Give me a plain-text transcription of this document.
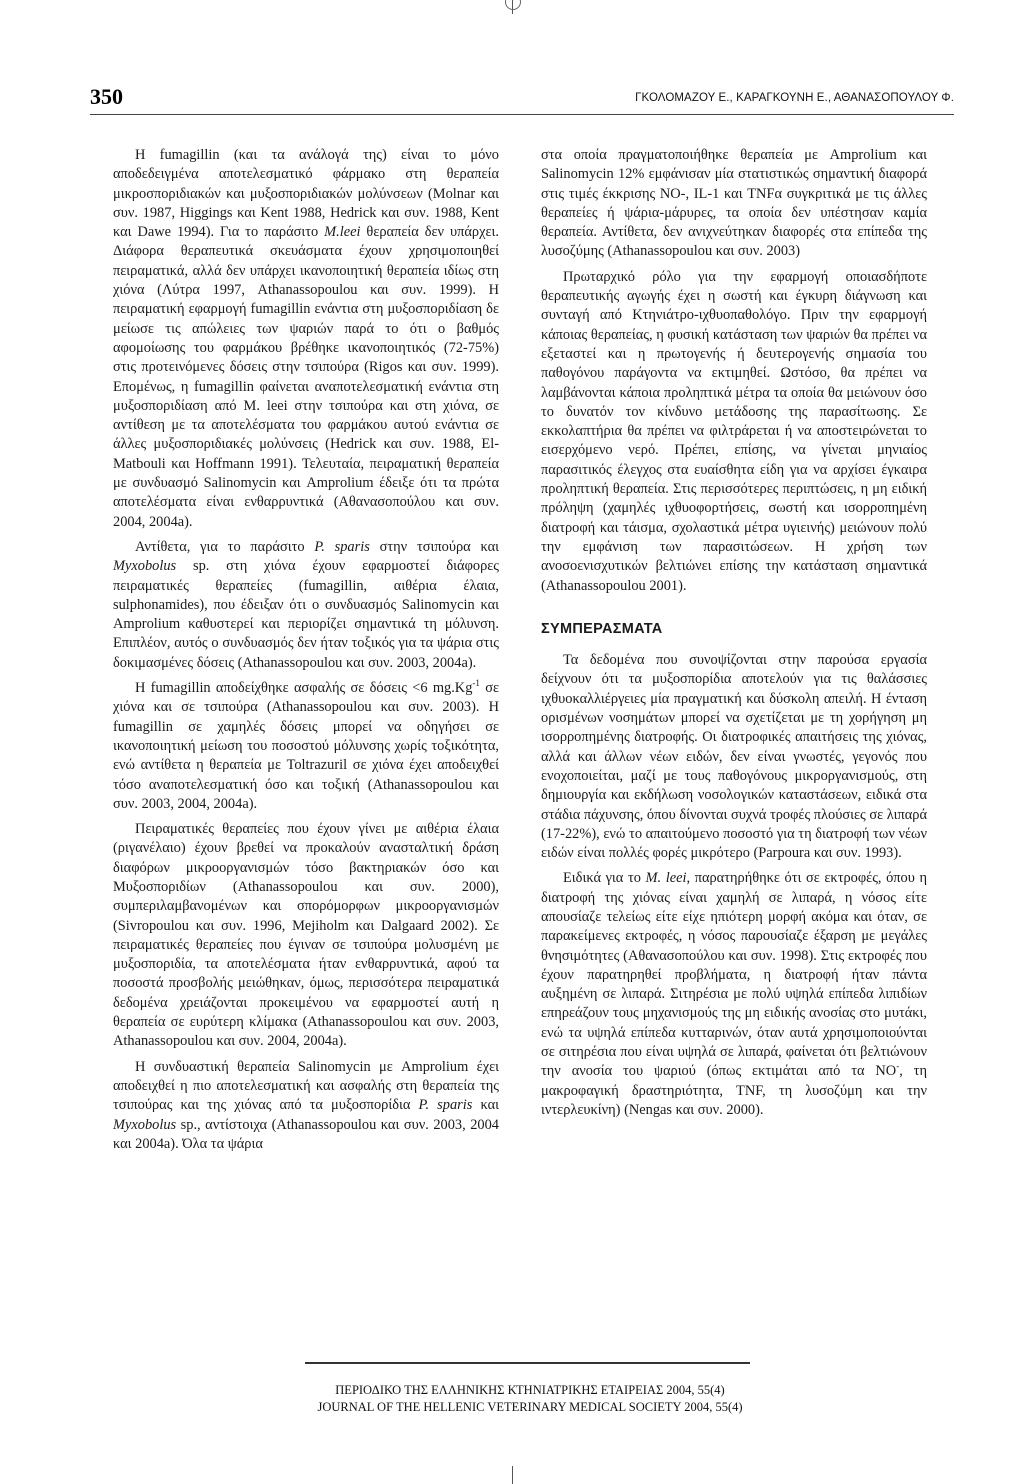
350	ΓΚΟΛΟΜΑΖΟΥ Ε., ΚΑΡΑΓΚΟΥΝΗ Ε., ΑΘΑΝΑΣΟΠΟΥΛΟΥ Φ.

Η fumagillin (και τα ανάλογά της) είναι το μόνο αποδεδειγμένα αποτελεσματικό φάρμακο στη θεραπεία μικροσποριδιακών και μυξοσποριδιακών μολύνσεων (Molnar και συν. 1987, Higgings και Kent 1988, Hedrick και συν. 1988, Kent και Dawe 1994). Για το παράσιτο M.leei θεραπεία δεν υπάρχει. Διάφορα θεραπευτικά σκευάσματα έχουν χρησιμοποιηθεί πειραματικά, αλλά δεν υπάρχει ικανοποιητική θεραπεία ιδίως στη χιόνα (Λύτρα 1997, Athanassopoulou και συν. 1999). Η πειραματική εφαρμογή fumagillin ενάντια στη μυξοσποριδίαση δε μείωσε τις απώλειες των ψαριών παρά το ότι ο βαθμός αφομοίωσης του φαρμάκου βρέθηκε ικανοποιητικός (72-75%) στις προτεινόμενες δόσεις στην τσιπούρα (Rigos και συν. 1999). Επομένως, η fumagillin φαίνεται αναποτελεσματική ενάντια στη μυξοσποριδίαση από M. leei στην τσιπούρα και στη χιόνα, σε αντίθεση με τα αποτελέσματα του φαρμάκου αυτού ενάντια σε άλλες μυξοσποριδιακές μολύνσεις (Hedrick και συν. 1988, El-Matbouli και Hoffmann 1991). Τελευταία, πειραματική θεραπεία με συνδυασμό Salinomycin και Amprolium έδειξε ότι τα πρώτα αποτελέσματα είναι ενθαρρυντικά (Αθανασοπούλου και συν. 2004, 2004a).

Αντίθετα, για το παράσιτο P. sparis στην τσιπούρα και Myxobolus sp. στη χιόνα έχουν εφαρμοστεί διάφορες πειραματικές θεραπείες (fumagillin, αιθέρια έλαια, sulphonamides), που έδειξαν ότι ο συνδυασμός Salinomycin και Amprolium καθυστερεί και περιορίζει σημαντικά τη μόλυνση. Επιπλέον, αυτός ο συνδυασμός δεν ήταν τοξικός για τα ψάρια στις δοκιμασμένες δόσεις (Athanassopoulou και συν. 2003, 2004a).

Η fumagillin αποδείχθηκε ασφαλής σε δόσεις <6 $mg.Kg^{-1}$ σε χιόνα και σε τσιπούρα (Athanassopoulou και συν. 2003). Η fumagillin σε χαμηλές δόσεις μπορεί να οδηγήσει σε ικανοποιητική μείωση του ποσοστού μόλυνσης χωρίς τοξικότητα, ενώ αντίθετα η θεραπεία με Toltrazuril σε χιόνα έχει αποδειχθεί τόσο αναποτελεσματική όσο και τοξική (Athanassopoulou και συν. 2003, 2004, 2004a).

Πειραματικές θεραπείες που έχουν γίνει με αιθέρια έλαια (ριγανέλαιο) έχουν βρεθεί να προκαλούν ανασταλτική δράση διαφόρων μικροοργανισμών τόσο βακτηριακών όσο και Μυξοσποριδίων (Athanassopoulou και συν. 2000), συμπεριλαμβανομένων και σπορόμορφων μικροοργανισμών (Sivropoulou και συν. 1996, Mejiholm και Dalgaard 2002). Σε πειραματικές θεραπείες που έγιναν σε τσιπούρα μολυσμένη με μυξοσποριδία, τα αποτελέσματα ήταν ενθαρρυντικά, αφού τα ποσοστά προσβολής μειώθηκαν, όμως, περισσότερα πειραματικά δεδομένα χρειάζονται προκειμένου να εφαρμοστεί αυτή η θεραπεία σε ευρύτερη κλίμακα (Athanassopoulou και συν. 2003, Athanassopoulou και συν. 2004, 2004a).

Η συνδυαστική θεραπεία Salinomycin με Amprolium έχει αποδειχθεί η πιο αποτελεσματική και ασφαλής στη θεραπεία της τσιπούρας και της χιόνας από τα μυξοσπορίδια P. sparis και Myxobolus sp., αντίστοιχα (Athanassopoulou και συν. 2003, 2004 και 2004a). Όλα τα ψάρια

στα οποία πραγματοποιήθηκε θεραπεία με Amprolium και Salinomycin 12% εμφάνισαν μία στατιστικώς σημαντική διαφορά στις τιμές έκκρισης NO-, IL-1 και TNFα συγκριτικά με τις άλλες θεραπείες ή ψάρια-μάρυρες, τα οποία δεν υπέστησαν καμία θεραπεία. Αντίθετα, δεν ανιχνεύτηκαν διαφορές στα επίπεδα της λυσοζύμης (Athanassopoulou και συν. 2003)

Πρωταρχικό ρόλο για την εφαρμογή οποιασδήποτε θεραπευτικής αγωγής έχει η σωστή και έγκυρη διάγνωση και συνταγή από Κτηνιάτρο-ιχθυοπαθολόγο. Πριν την εφαρμογή κάποιας θεραπείας, η φυσική κατάσταση των ψαριών θα πρέπει να εξεταστεί και η πρωτογενής ή δευτερογενής σημασία του παθογόνου παράγοντα να εκτιμηθεί. Ωστόσο, θα πρέπει να λαμβάνονται κάποια προληπτικά μέτρα τα οποία θα μειώνουν όσο το δυνατόν τον κίνδυνο μετάδοσης της παρασίτωσης. Σε εκκολαπτήρια θα πρέπει να φιλτράρεται ή να αποστειρώνεται το εισερχόμενο νερό. Πρέπει, επίσης, να γίνεται μηνιαίος παρασιτικός έλεγχος στα ευαίσθητα είδη για να αρχίσει έγκαιρα προληπτική θεραπεία. Στις περισσότερες περιπτώσεις, η μη ειδική πρόληψη (χαμηλές ιχθυοφορτήσεις, σωστή και ισορροπημένη διατροφή και τάισμα, σχολαστικά μέτρα υγιεινής) μειώνουν πολύ την εμφάνιση των παρασιτώσεων. Η χρήση των ανοσοενισχυτικών βελτιώνει επίσης την κατάσταση σημαντικά (Athanassopoulou 2001).

ΣΥΜΠΕΡΑΣΜΑΤΑ

Τα δεδομένα που συνοψίζονται στην παρούσα εργασία δείχνουν ότι τα μυξοσπορίδια αποτελούν για τις θαλάσσιες ιχθυοκαλλιέργειες μία πραγματική και δύσκολη απειλή. Η ένταση ορισμένων νοσημάτων μπορεί να σχετίζεται με τη χορήγηση μη ισορροπημένης διατροφής. Οι διατροφικές απαιτήσεις της χιόνας, αλλά και άλλων νέων ειδών, δεν είναι γνωστές, γεγονός που ενοχοποιείται, μαζί με τους παθογόνους μικροργανισμούς, στη δημιουργία και εκδήλωση νοσολογικών καταστάσεων, ειδικά στα στάδια πάχυνσης, όπου δίνονται συχνά τροφές πλούσιες σε λιπαρά (17-22%), ενώ το απαιτούμενο ποσοστό για τη διατροφή των νέων ειδών είναι πολλές φορές μικρότερο (Parpoura και συν. 1993).

Ειδικά για το M. leei, παρατηρήθηκε ότι σε εκτροφές, όπου η διατροφή της χιόνας είναι χαμηλή σε λιπαρά, η νόσος είτε απουσίαζε τελείως είτε είχε ηπιότερη μορφή ακόμα και όταν, σε παρακείμενες εκτροφές, η νόσος παρουσίαζε έξαρση με μεγάλες θνησιμότητες (Αθανασοπούλου και συν. 1998). Στις εκτροφές που έχουν παρατηρηθεί προβλήματα, η διατροφή ήταν πάντα αυξημένη σε λιπαρά. Σιτηρέσια με πολύ υψηλά επίπεδα λιπιδίων επηρεάζουν τους μηχανισμούς της μη ειδικής ανοσίας στο μυτάκι, ενώ τα υψηλά επίπεδα κυτταρινών, όταν αυτά χρησιμοποιούνται σε σιτηρέσια που είναι υψηλά σε λιπαρά, φαίνεται ότι βελτιώνουν την ανοσία του ψαριού (όπως εκτιμάται από τα NO-, τη μακροφαγική δραστηριότητα, TNF, τη λυσοζύμη και την ιντερλευκίνη) (Nengas και συν. 2000).

ΠΕΡΙΟΔΙΚΟ ΤΗΣ ΕΛΛΗΝΙΚΗΣ ΚΤΗΝΙΑΤΡΙΚΗΣ ΕΤΑΙΡΕΙΑΣ 2004, 55(4)
JOURNAL OF THE HELLENIC VETERINARY MEDICAL SOCIETY 2004, 55(4)
